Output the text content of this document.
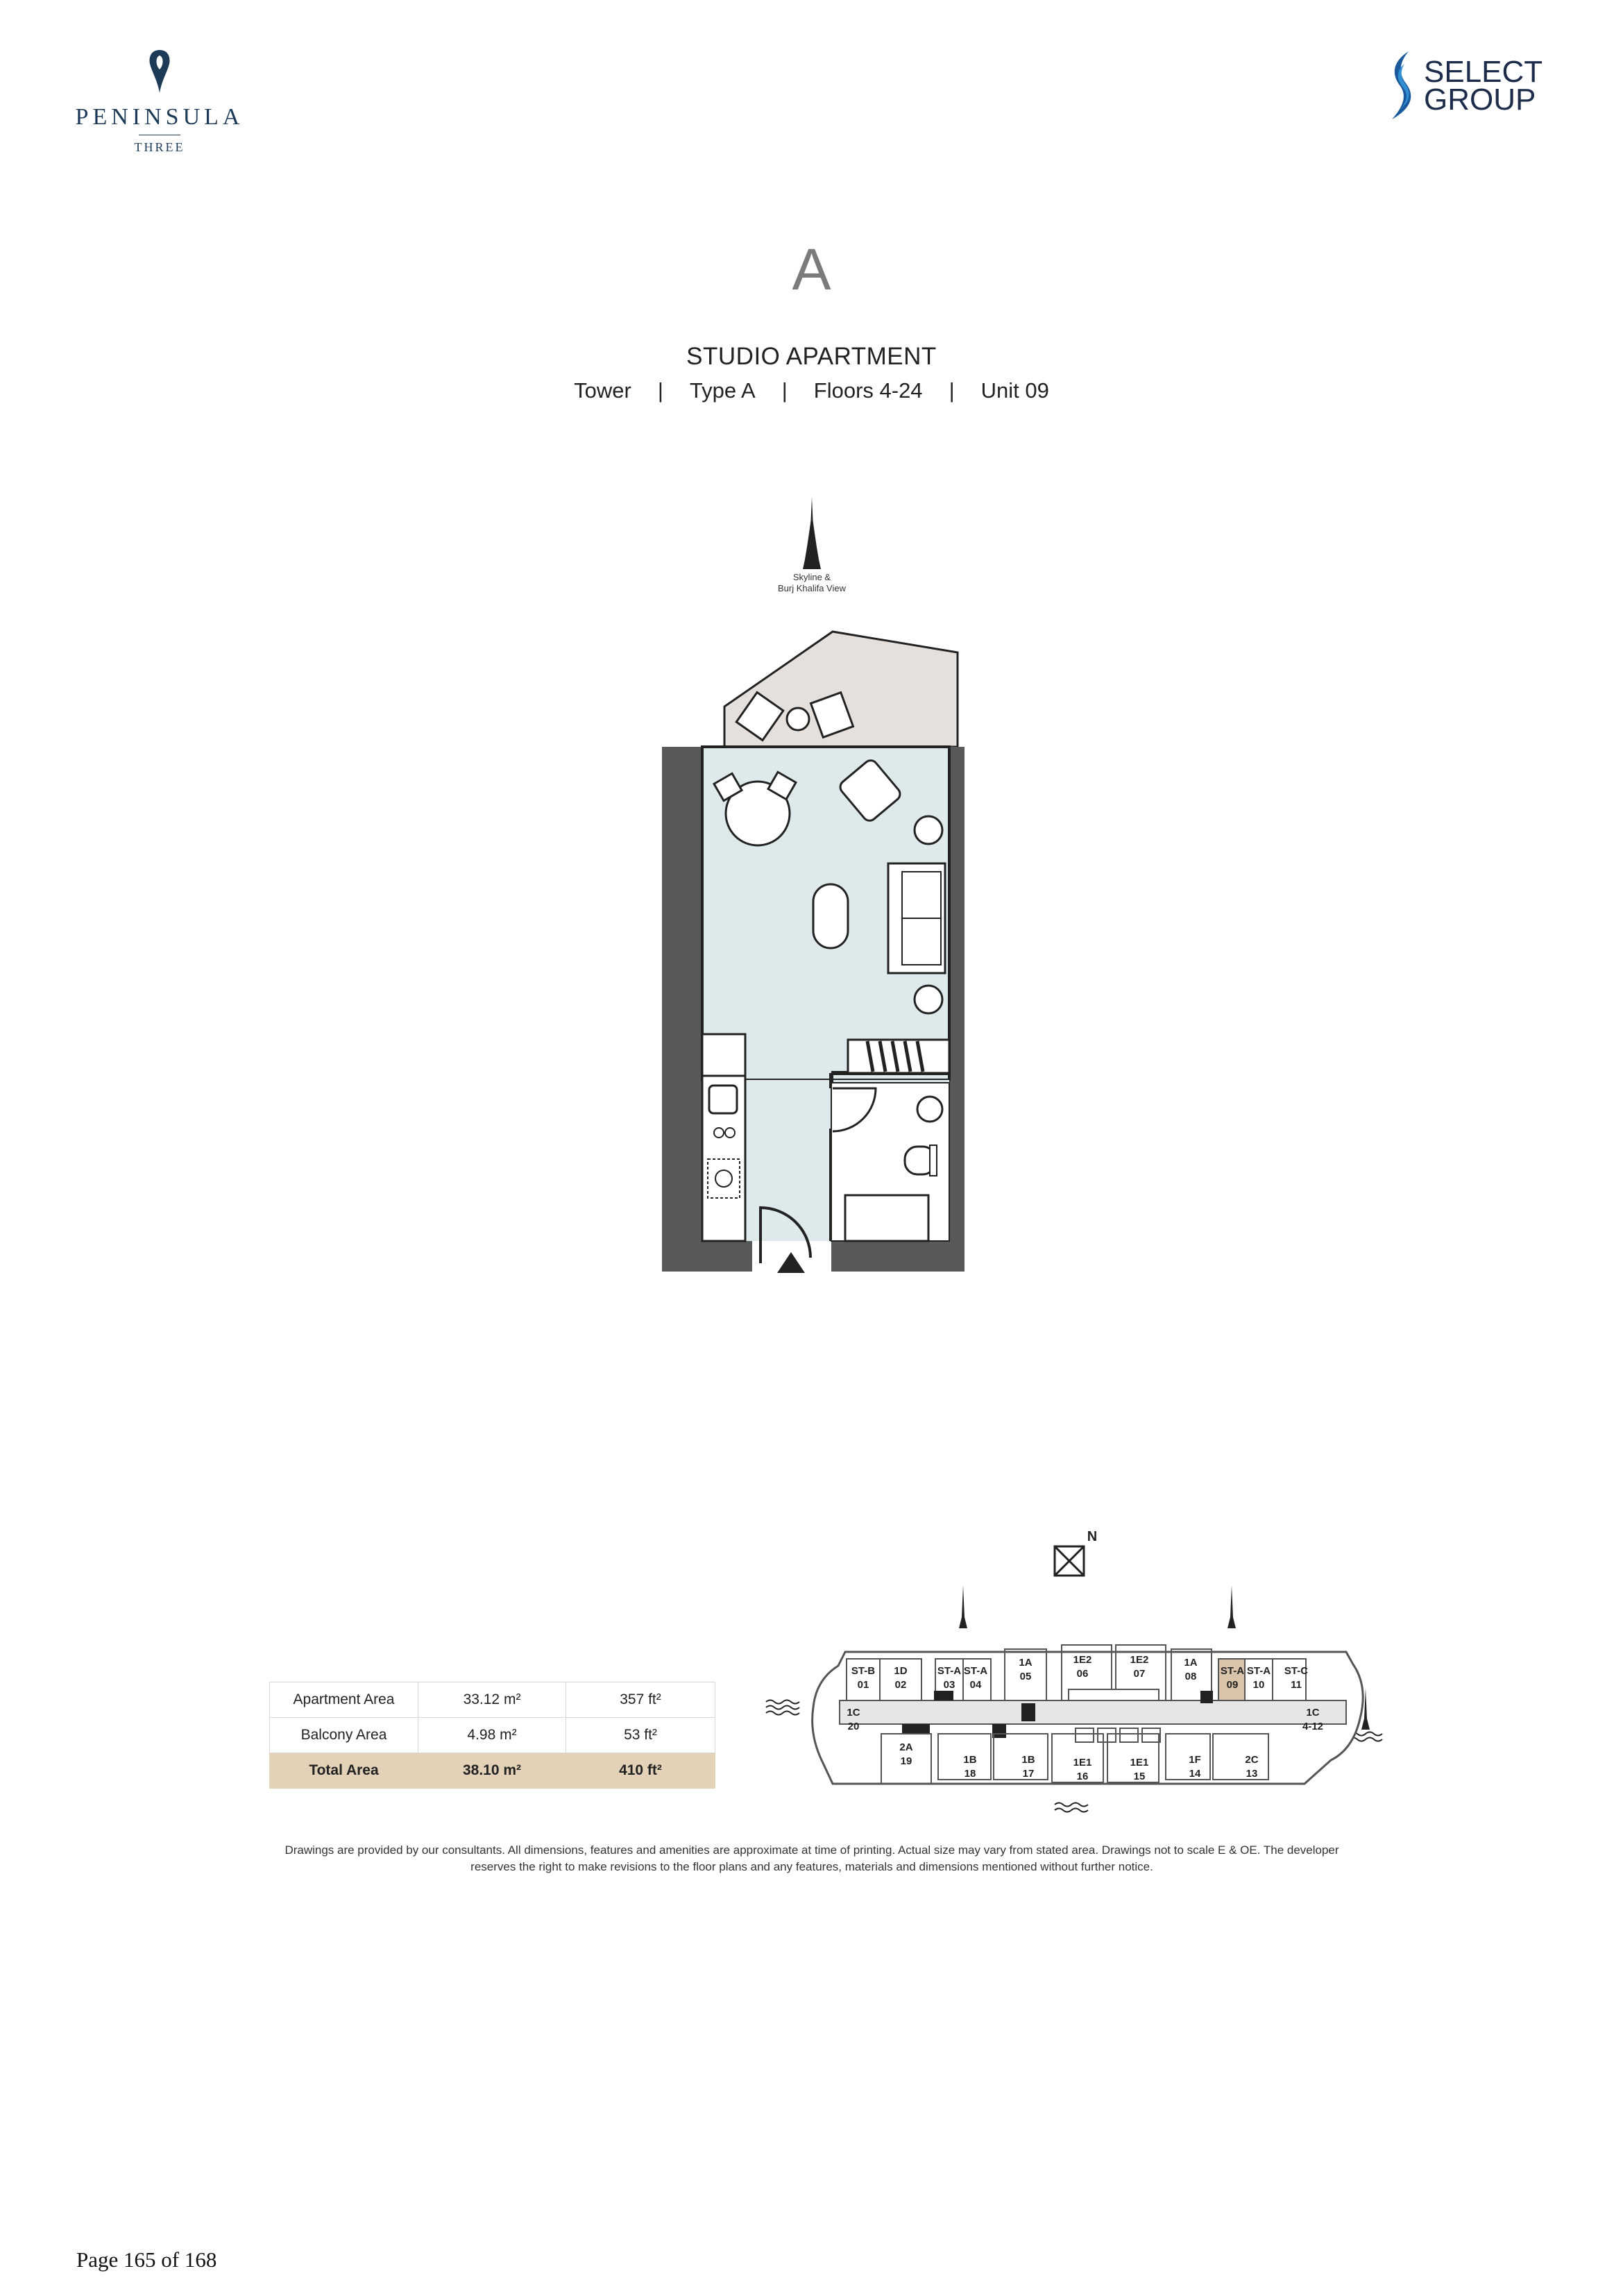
PENINSULA
THREE
SELECT
GROUP
A
STUDIO APARTMENT
Tower | Type A | Floors 4-24 | Unit 09
Skyline &
Burj Khalifa View
Apartment Area	33.12 m²	357 ft²
Balcony Area	4.98 m²	53 ft²
Total Area	38.10 m²	410 ft²
N
ST-B
01
1D
02
ST-A
03
ST-A
04
1A
05
1E2
06
1E2
07
1A
08 ST-A
09
ST-A
10
ST-C
11
1C
20
2A
19	1B
18
1B
17
1E1
16
1E1
15
1F
14
2C
13
1C
4-12
Drawings are provided by our consultants. All dimensions, features and amenities are approximate at time of printing. Actual size may vary from stated area. Drawings not to scale E & OE. The developer
reserves the right to make revisions to the floor plans and any features, materials and dimensions mentioned without further notice.
Page 165 of 168
